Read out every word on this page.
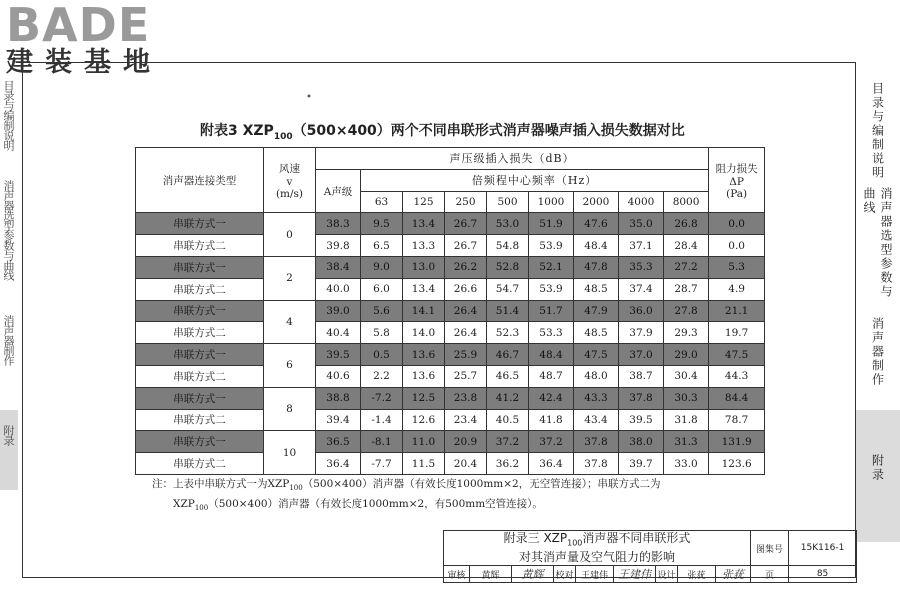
BADE
建装基地
目录与编制说明
消声器选型参数与曲线
消声器制作
附录
目录与编制说明
消声器选型参数与曲线
消声器制作
附录
•
附表3 $XZP_{100}(500\times 400)$两个不同串联形式消声器噪声插入损失数据对比
消声器连接类型	风速
v
(m/s)	声压级插入损失（dB）									阻力损失
ΔP
(Pa)
		A声级	倍频程中心频率（Hz）								
			63	125	250	500	1000	2000	4000	8000	
串联方式一	0	38.3	9.5	13.4	26.7	53.0	51.9	47.6	35.0	26.8	0.0
串联方式二		39.8	6.5	13.3	26.7	54.8	53.9	48.4	37.1	28.4	0.0
串联方式一	2	38.4	9.0	13.0	26.2	52.8	52.1	47.8	35.3	27.2	5.3
串联方式二		40.0	6.0	13.4	26.6	54.7	53.9	48.5	37.4	28.7	4.9
串联方式一	4	39.0	5.6	14.1	26.4	51.4	51.7	47.9	36.0	27.8	21.1
串联方式二		40.4	5.8	14.0	26.4	52.3	53.3	48.5	37.9	29.3	19.7
串联方式一	6	39.5	0.5	13.6	25.9	46.7	48.4	47.5	37.0	29.0	47.5
串联方式二		40.6	2.2	13.6	25.7	46.5	48.7	48.0	38.7	30.4	44.3
串联方式一	8	38.8	-7.2	12.5	23.8	41.2	42.4	43.3	37.8	30.3	84.4
串联方式二		39.4	-1.4	12.6	23.4	40.5	41.8	43.4	39.5	31.8	78.7
串联方式一	10	36.5	-8.1	11.0	20.9	37.2	37.2	37.8	38.0	31.3	131.9
串联方式二		36.4	-7.7	11.5	20.4	36.2	36.4	37.8	39.7	33.0	123.6
注：上表中串联方式一为$XZP_{100}(500\times 400)$消声器（有效长度1000mm×2，无空管连接）；串联方式二为
$XZP_{100}(500\times 400)$消声器（有效长度1000mm×2，有500mm空管连接）。
附录三 $XZP_{100}$消声器不同串联形式
对其消声量及空气阻力的影响									图集号	15K116-1
审核	黄辉	黄辉	校对	王建伟	王建伟	设计	张莸	张莸	页	85
